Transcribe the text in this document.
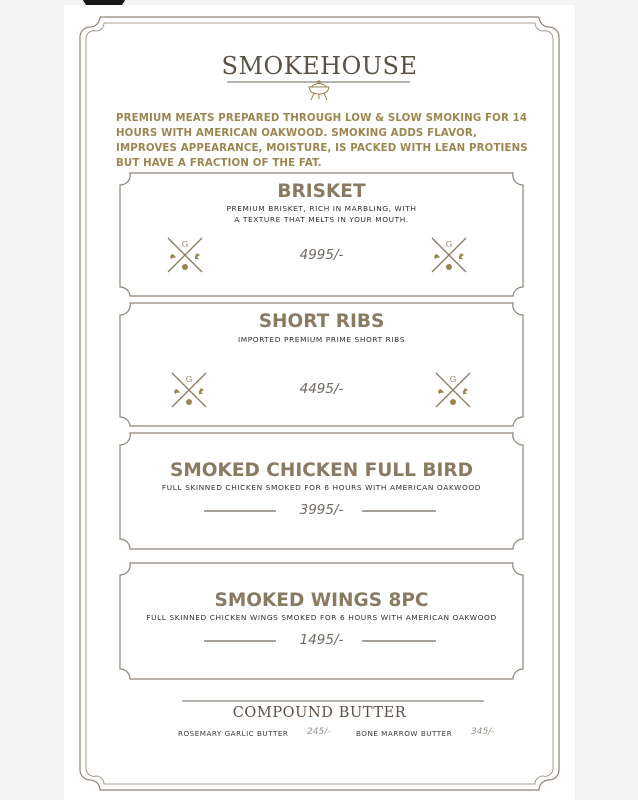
SMOKEHOUSE
PREMIUM MEATS PREPARED THROUGH LOW & SLOW SMOKING FOR 14 HOURS WITH AMERICAN OAKWOOD. SMOKING ADDS FLAVOR, IMPROVES APPEARANCE, MOISTURE, IS PACKED WITH LEAN PROTIENS BUT HAVE A FRACTION OF THE FAT.
BRISKET
PREMIUM BRISKET, RICH IN MARBLING, WITH
A TEXTURE THAT MELTS IN YOUR MOUTH.
4995/-
SHORT RIBS
IMPORTED PREMIUM PRIME SHORT RIBS
4495/-
SMOKED CHICKEN FULL BIRD
FULL SKINNED CHICKEN SMOKED FOR 6 HOURS WITH AMERICAN OAKWOOD
3995/-
SMOKED WINGS 8PC
FULL SKINNED CHICKEN WINGS SMOKED FOR 6 HOURS WITH AMERICAN OAKWOOD
1495/-
G	G
G	G
COMPOUND BUTTER
ROSEMARY GARLIC BUTTER 245/-	BONE MARROW BUTTER 345/-
